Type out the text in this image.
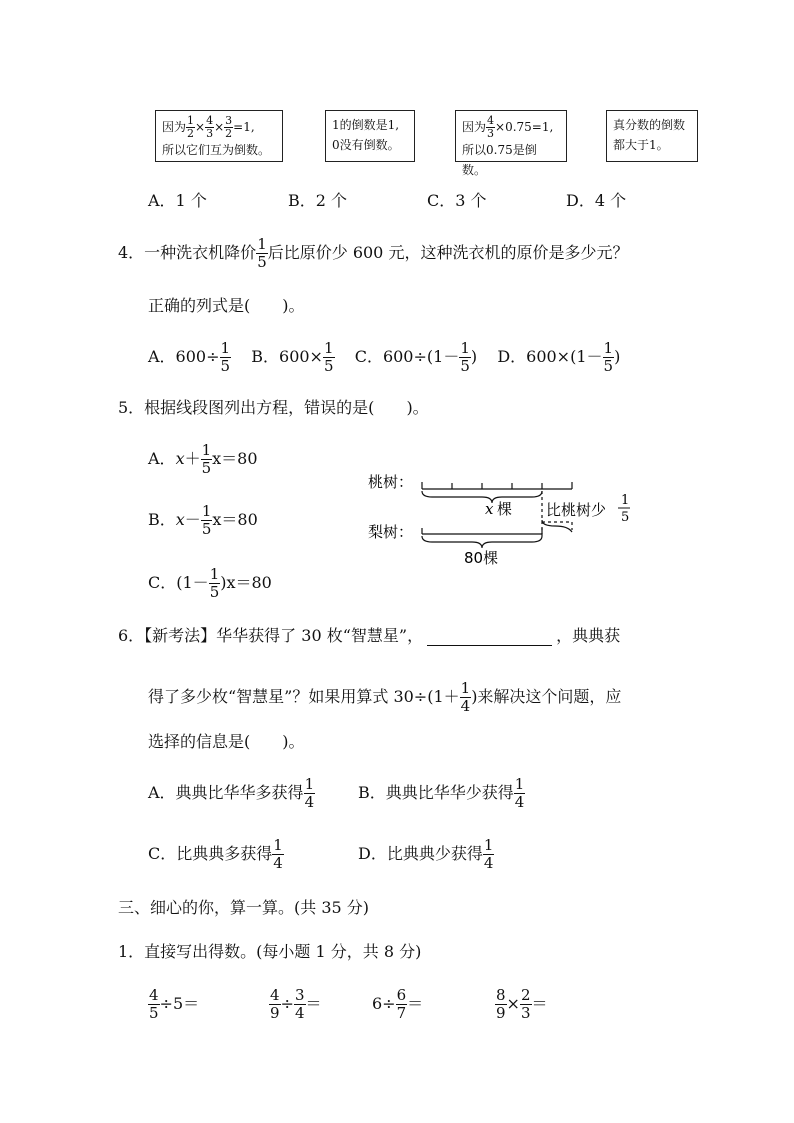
因为 $\frac{1}{2} \times \frac{4}{3} \times \frac{3}{2} =1$,
所以它们互为倒数。
1的倒数是1,
0没有倒数。
因为 $\frac{4}{3} \times 0.75=1$,
所以0.75是倒数。
真分数的倒数
都大于1。
A．1 个	B．2 个	C．3 个	D．4 个
4．一种洗衣机降价 $\frac{1}{5}$ 后比原价少 600 元，这种洗衣机的原价是多少元？
正确的列式是( )。
A．$600\div \frac{1}{5}$ B．$600\times \frac{1}{5}$ C．$600\div(1- \frac{1}{5}$ ) D．$600\times(1- \frac{1}{5}$ )
5．根据线段图列出方程，错误的是( )。
A．$x+ \frac{1}{5} x=80$
B．$x- \frac{1}{5} x=80$
C．$(1- \frac{1}{5} )x=80$
桃树：
梨树：
x 棵 比桃树少
1
5
80棵
6．【新考法】华华获得了 30 枚“智慧星”，	，典典获
得了多少枚“智慧星”？如果用算式 $30\div(1+ \frac{1}{4}$ )来解决这个问题，应
选择的信息是( )。
A．典典比华华多获得 $\frac{1}{4}$	B．典典比华华少获得 $\frac{1}{4}$
C．比典典多获得 $\frac{1}{4}$	D．比典典少获得 $\frac{1}{4}$
三、细心的你，算一算。(共 35 分)
1．直接写出得数。(每小题 1 分，共 8 分)
$\frac{4}{5} \div 5=$	$\frac{4}{9} \div \frac{3}{4}$ ＝	$6\div \frac{6}{7}$ ＝	$\frac{8}{9} \times \frac{2}{3}$ ＝
